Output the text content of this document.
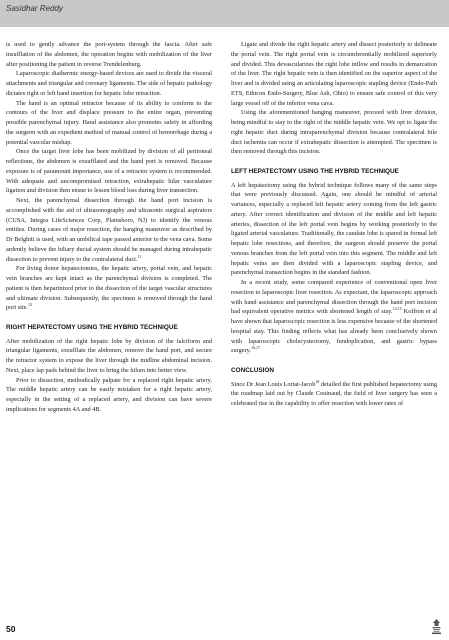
Sasidhar Reddy

is used to gently advance the port-system through the fascia. After safe insufflation of the abdomen, the operation begins with mobilization of the liver after positioning the patient in reverse Trendelenburg.

Laparoscopic diathermic energy-based devices are used to divide the visceral attachments and triangular and coronary ligaments. The side of hepatic pathology dictates right or left hand insertion for hepatic lobe retraction.

The hand is an optimal retractor because of its ability to conform to the contours of the liver and displace pressure to the entire organ, preventing possible parenchymal injury. Hand assistance also promotes safety in affording the surgeon with an expedient method of manual control of hemorrhage during a potential vascular mishap.

Once the target liver lobe has been mobilized by division of all peritoneal reflections, the abdomen is exsufflated and the hand port is removed. Because exposure is of paramount importance, use of a retractor system is recommended. With adequate and uncompromised retraction, extrahepatic hilar vasculature ligation and division then ensue to lessen blood loss during liver transection.

Next, the parenchymal dissection through the hand port incision is accomplished with the aid of ultrasonography and ultrasonic surgical aspirators (CUSA, Integra LifeSciences Corp, Plainsboro, NJ) to identify the venous entities. During cases of major resection, the hanging maneuver as described by Dr Belghiti is used, with an umbilical tape passed anterior to the vena cava. Some ardently believe the biliary ductal system should be managed during intrahepatic dissection to prevent injury to the contralateral duct.$^{11}$

For living donor hepatectomies, the hepatic artery, portal vein, and hepatic vein branches are kept intact as the parenchymal division is completed. The patient is then heparinized prior to the dissection of the target vascular structures and ultimate division. Subsequently, the specimen is removed through the hand port site.$^{13}$

RIGHT HEPATECTOMY USING THE HYBRID TECHNIQUE

After mobilization of the right hepatic lobe by division of the falciform and triangular ligaments, exsufflate the abdomen, remove the hand port, and secure the retractor system to expose the liver through the midline abdominal incision. Next, place lap pads behind the liver to bring the hilum into better view.

Prior to dissection, methodically palpate for a replaced right hepatic artery. The middle hepatic artery can be easily mistaken for a right hepatic artery, especially in the setting of a replaced artery, and division can have severe implications for segments 4A and 4B.

Ligate and divide the right hepatic artery and dissect posteriorly to delineate the portal vein. The right portal vein is circumferentially mobilized superiorly and divided. This devascularizes the right lobe inflow and results in demarcation of the liver. The right hepatic vein is then identified on the superior aspect of the liver and is divided using an articulating laparoscopic stapling device (Endo-Path ETS, Ethicon Endo-Surgery, Blue Ash, Ohio) to ensure safe control of this very large vessel off of the inferior vena cava.

Using the aforementioned hanging maneuver, proceed with liver division, being mindful to stay to the right of the middle hepatic vein. We opt to ligate the right hepatic duct during intraparenchymal division because contralateral bile duct ischemia can occur if extrahepatic dissection is attempted. The specimen is then removed through this incision.

LEFT HEPATECTOMY USING THE HYBRID TECHNIQUE

A left hepatectomy using the hybrid technique follows many of the same steps that were previously discussed. Again, one should be mindful of arterial variances, especially a replaced left hepatic artery coming from the left gastric artery. After correct identification and division of the middle and left hepatic arteries, dissection of the left portal vein begins by working posteriorly to the ligated arterial vasculature. Traditionally, the caudate lobe is spared in formal left hepatic lobe resections, and therefore, the surgeon should preserve the portal venous branches from the left portal vein into this segment. The middle and left hepatic veins are then divided with a laparoscopic stapling device, and parenchymal transection begins in the standard fashion.

In a recent study, some compared experience of conventional open liver resection to laparoscopic liver resection. As expectant, the laparoscopic approach with hand assistance and parenchymal dissection through the hand port incision had equivalent operative metrics with shortened length of stay.$^{14,15}$ Koffron et al have shown that laparoscopic resection is less expensive because of the shortened hospital stay. This finding reflects what has already been conclusively shown with laparoscopic cholecystectomy, fundoplication, and gastric bypass surgery.$^{16,17}$

CONCLUSION

Since Dr Jean Louis Lortat-Jacob$^{18}$ detailed the first published hepatectomy using the roadmap laid out by Claude Couinaud, the field of liver surgery has seen a celebrated rise in the capability to offer resection with lower rates of

50
